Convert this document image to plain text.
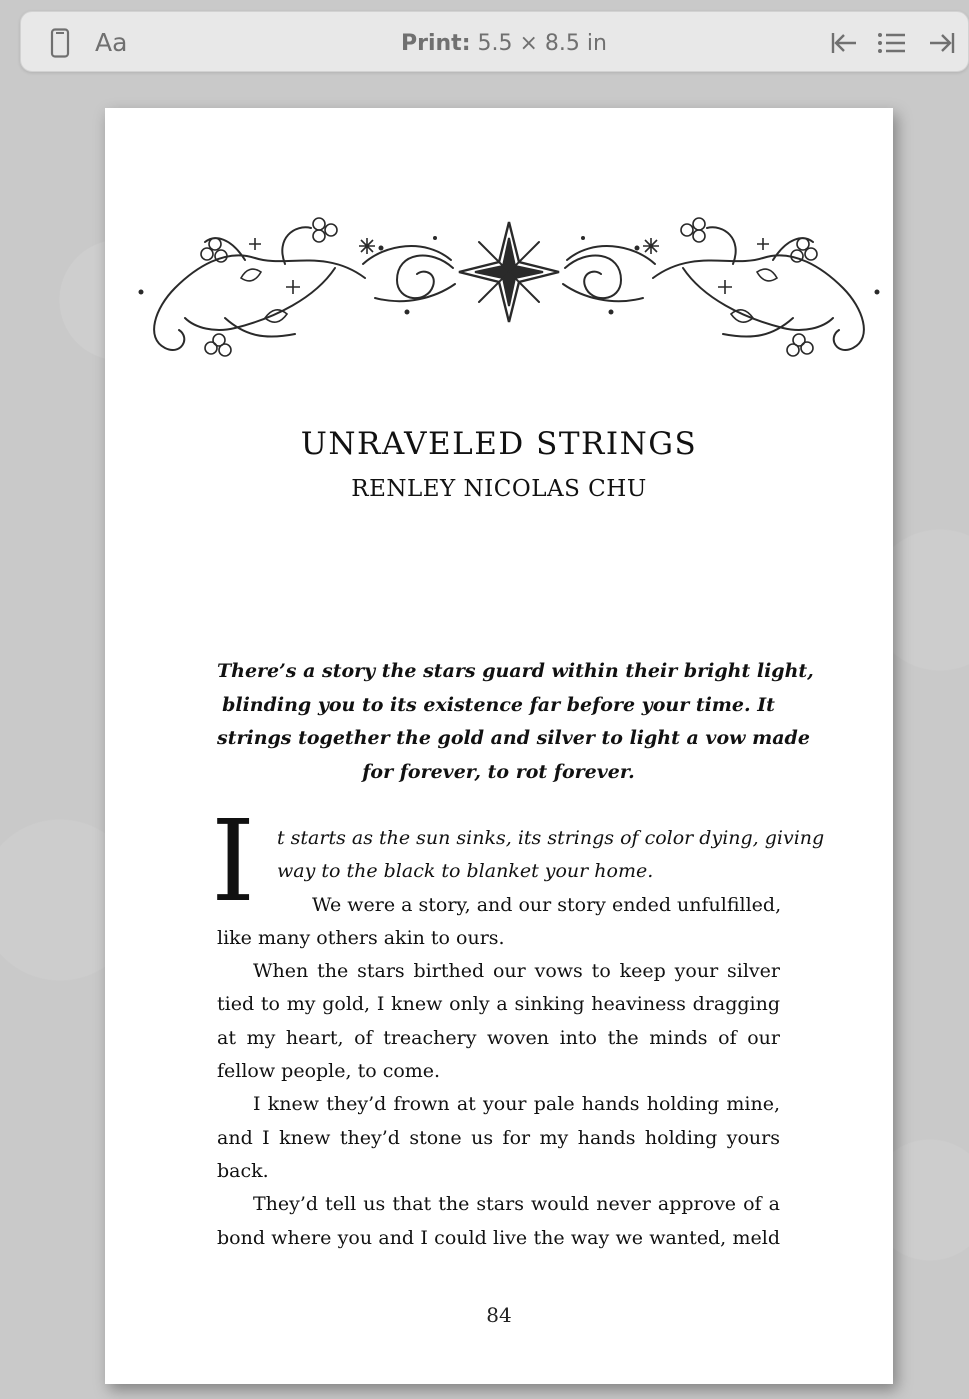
Aa	Print: 5.5 × 8.5 in
UNRAVELED STRINGS
RENLEY NICOLAS CHU
There’s a story the stars guard within their bright light,
blinding you to its existence far before your time. It
strings together the gold and silver to light a vow made
for forever, to rot forever.
I	t starts as the sun sinks, its strings of color dying, giving
way to the black to blanket your home.
We were a story, and our story ended unfulfilled,
like many others akin to ours.
When the stars birthed our vows to keep your silver
tied to my gold, I knew only a sinking heaviness dragging
at my heart, of treachery woven into the minds of our
fellow people, to come.
I knew they’d frown at your pale hands holding mine,
and I knew they’d stone us for my hands holding yours
back.
They’d tell us that the stars would never approve of a
bond where you and I could live the way we wanted, meld
84
